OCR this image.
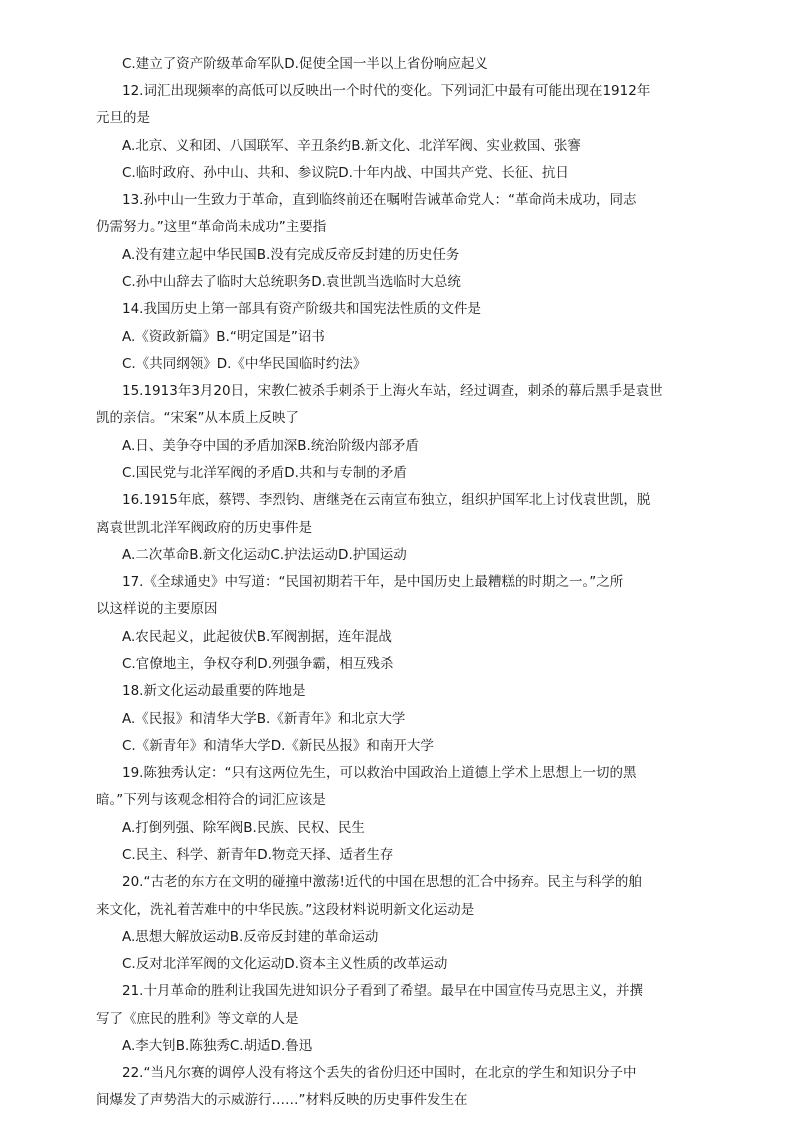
C.建立了资产阶级革命军队D.促使全国一半以上省份响应起义
12.词汇出现频率的高低可以反映出一个时代的变化。下列词汇中最有可能出现在1912年
元旦的是
A.北京、义和团、八国联军、辛丑条约B.新文化、北洋军阀、实业救国、张謇
C.临时政府、孙中山、共和、参议院D.十年内战、中国共产党、长征、抗日
13.孙中山一生致力于革命，直到临终前还在嘱咐告诫革命党人：“革命尚未成功，同志
仍需努力。”这里“革命尚未成功”主要指
A.没有建立起中华民国B.没有完成反帝反封建的历史任务
C.孙中山辞去了临时大总统职务D.袁世凯当选临时大总统
14.我国历史上第一部具有资产阶级共和国宪法性质的文件是
A.《资政新篇》B.“明定国是”诏书
C.《共同纲领》D.《中华民国临时约法》
15.1913年3月20日，宋教仁被杀手刺杀于上海火车站，经过调查，刺杀的幕后黑手是袁世
凯的亲信。“宋案”从本质上反映了
A.日、美争夺中国的矛盾加深B.统治阶级内部矛盾
C.国民党与北洋军阀的矛盾D.共和与专制的矛盾
16.1915年底，蔡锷、李烈钧、唐继尧在云南宣布独立，组织护国军北上讨伐袁世凯，脱
离袁世凯北洋军阀政府的历史事件是
A.二次革命B.新文化运动C.护法运动D.护国运动
17.《全球通史》中写道：“民国初期若干年，是中国历史上最糟糕的时期之一。”之所
以这样说的主要原因
A.农民起义，此起彼伏B.军阀割据，连年混战
C.官僚地主，争权夺利D.列强争霸，相互残杀
18.新文化运动最重要的阵地是
A.《民报》和清华大学B.《新青年》和北京大学
C.《新青年》和清华大学D.《新民丛报》和南开大学
19.陈独秀认定：“只有这两位先生，可以救治中国政治上道德上学术上思想上一切的黑
暗。”下列与该观念相符合的词汇应该是
A.打倒列强、除军阀B.民族、民权、民生
C.民主、科学、新青年D.物竞天择、适者生存
20.“古老的东方在文明的碰撞中激荡!近代的中国在思想的汇合中扬弃。民主与科学的舶
来文化，洗礼着苦难中的中华民族。”这段材料说明新文化运动是
A.思想大解放运动B.反帝反封建的革命运动
C.反对北洋军阀的文化运动D.资本主义性质的改革运动
21.十月革命的胜利让我国先进知识分子看到了希望。最早在中国宣传马克思主义，并撰
写了《庶民的胜利》等文章的人是
A.李大钊B.陈独秀C.胡适D.鲁迅
22.“当凡尔赛的调停人没有将这个丢失的省份归还中国时，在北京的学生和知识分子中
间爆发了声势浩大的示威游行……”材料反映的历史事件发生在
